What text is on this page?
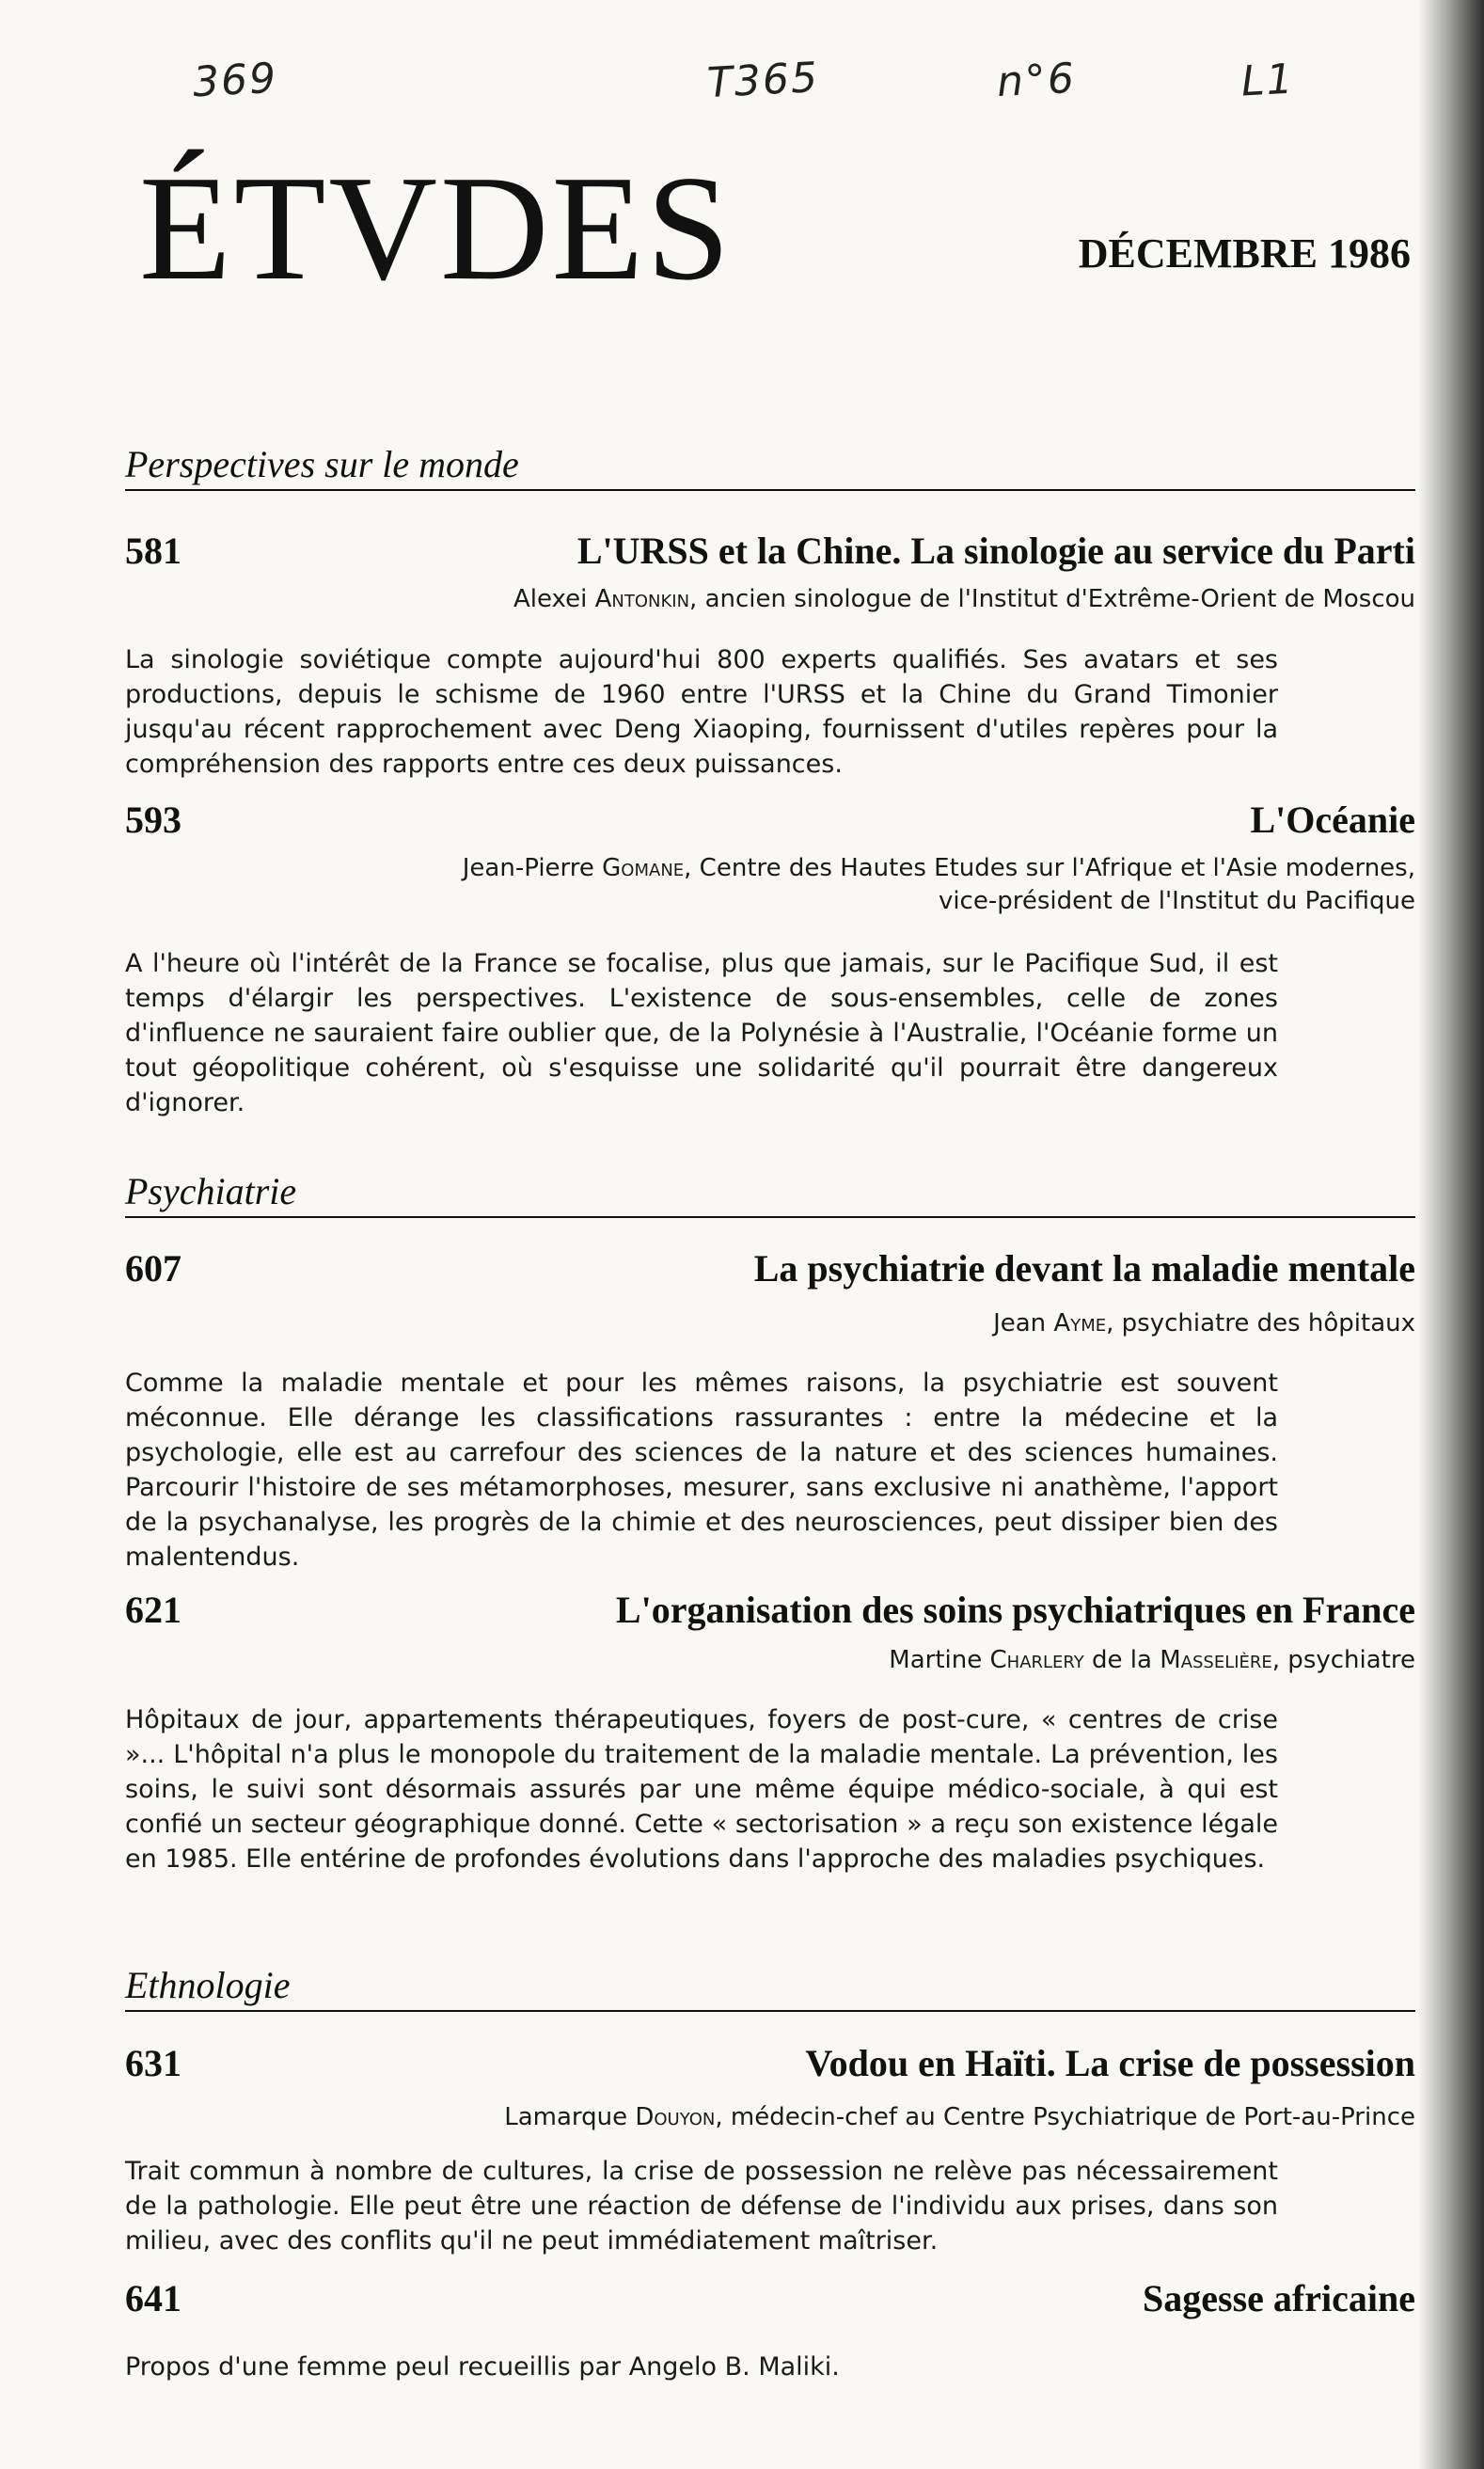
369	T365	n°6	L1
ÉTVDES	DÉCEMBRE 1986
Perspectives sur le monde
581	L'URSS et la Chine. La sinologie au service du Parti
Alexei Antonkin, ancien sinologue de l'Institut d'Extrême-Orient de Moscou
La sinologie soviétique compte aujourd'hui 800 experts qualifiés. Ses avatars et ses productions, depuis le schisme de 1960 entre l'URSS et la Chine du Grand Timonier jusqu'au récent rapprochement avec Deng Xiaoping, fournissent d'utiles repères pour la compréhension des rapports entre ces deux puissances.
593	L'Océanie
Jean-Pierre Gomane, Centre des Hautes Etudes sur l'Afrique et l'Asie modernes,
vice-président de l'Institut du Pacifique
A l'heure où l'intérêt de la France se focalise, plus que jamais, sur le Pacifique Sud, il est temps d'élargir les perspectives. L'existence de sous-ensembles, celle de zones d'influence ne sauraient faire oublier que, de la Polynésie à l'Australie, l'Océanie forme un tout géopolitique cohérent, où s'esquisse une solidarité qu'il pourrait être dangereux d'ignorer.
Psychiatrie
607	La psychiatrie devant la maladie mentale
Jean Ayme, psychiatre des hôpitaux
Comme la maladie mentale et pour les mêmes raisons, la psychiatrie est souvent méconnue. Elle dérange les classifications rassurantes : entre la médecine et la psychologie, elle est au carrefour des sciences de la nature et des sciences humaines. Parcourir l'histoire de ses métamorphoses, mesurer, sans exclusive ni anathème, l'apport de la psychanalyse, les progrès de la chimie et des neurosciences, peut dissiper bien des malentendus.
621	L'organisation des soins psychiatriques en France
Martine Charlery de la Masselière, psychiatre
Hôpitaux de jour, appartements thérapeutiques, foyers de post-cure, « centres de crise »... L'hôpital n'a plus le monopole du traitement de la maladie mentale. La prévention, les soins, le suivi sont désormais assurés par une même équipe médico-sociale, à qui est confié un secteur géographique donné. Cette « sectorisation » a reçu son existence légale en 1985. Elle entérine de profondes évolutions dans l'approche des maladies psychiques.
Ethnologie
631	Vodou en Haïti. La crise de possession
Lamarque Douyon, médecin-chef au Centre Psychiatrique de Port-au-Prince
Trait commun à nombre de cultures, la crise de possession ne relève pas nécessairement de la pathologie. Elle peut être une réaction de défense de l'individu aux prises, dans son milieu, avec des conflits qu'il ne peut immédiatement maîtriser.
641	Sagesse africaine
Propos d'une femme peul recueillis par Angelo B. Maliki.
